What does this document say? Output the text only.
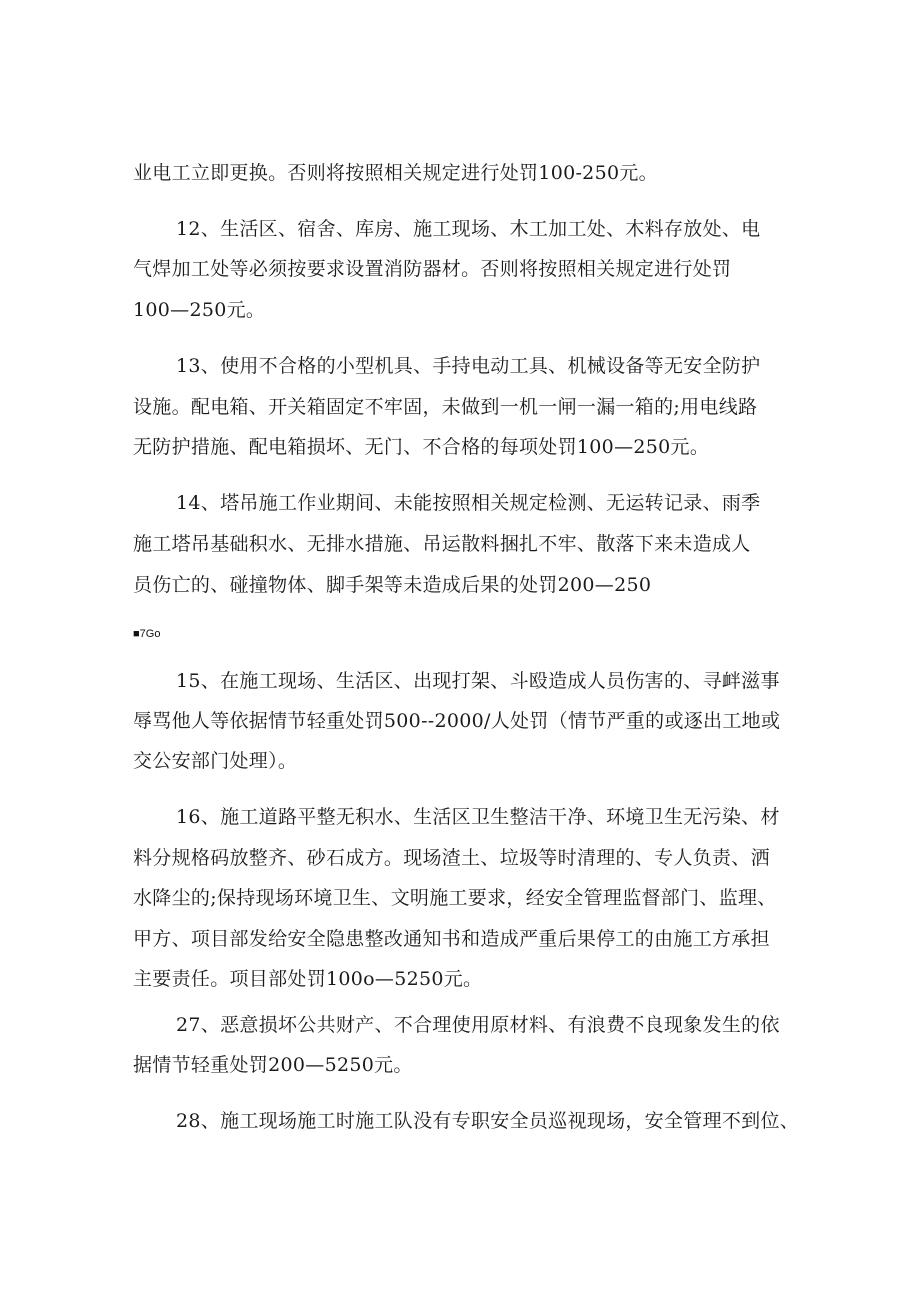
业电工立即更换。否则将按照相关规定进行处罚100-250元。
12、生活区、宿舍、库房、施工现场、木工加工处、木料存放处、电
气焊加工处等必须按要求设置消防器材。否则将按照相关规定进行处罚
100—250元。
13、使用不合格的小型机具、手持电动工具、机械设备等无安全防护
设施。配电箱、开关箱固定不牢固，未做到一机一闸一漏一箱的;用电线路
无防护措施、配电箱损坏、无门、不合格的每项处罚100—250元。
14、塔吊施工作业期间、未能按照相关规定检测、无运转记录、雨季
施工塔吊基础积水、无排水措施、吊运散料捆扎不牢、散落下来未造成人
员伤亡的、碰撞物体、脚手架等未造成后果的处罚200—250
■7Go
15、在施工现场、生活区、出现打架、斗殴造成人员伤害的、寻衅滋事
辱骂他人等依据情节轻重处罚500--2000/人处罚（情节严重的或逐出工地或
交公安部门处理）。
16、施工道路平整无积水、生活区卫生整洁干净、环境卫生无污染、材
料分规格码放整齐、砂石成方。现场渣土、垃圾等时清理的、专人负责、洒
水降尘的;保持现场环境卫生、文明施工要求，经安全管理监督部门、监理、
甲方、项目部发给安全隐患整改通知书和造成严重后果停工的由施工方承担
主要责任。项目部处罚100o—5250元。
27、恶意损坏公共财产、不合理使用原材料、有浪费不良现象发生的依
据情节轻重处罚200—5250元。
28、施工现场施工时施工队没有专职安全员巡视现场，安全管理不到位、
